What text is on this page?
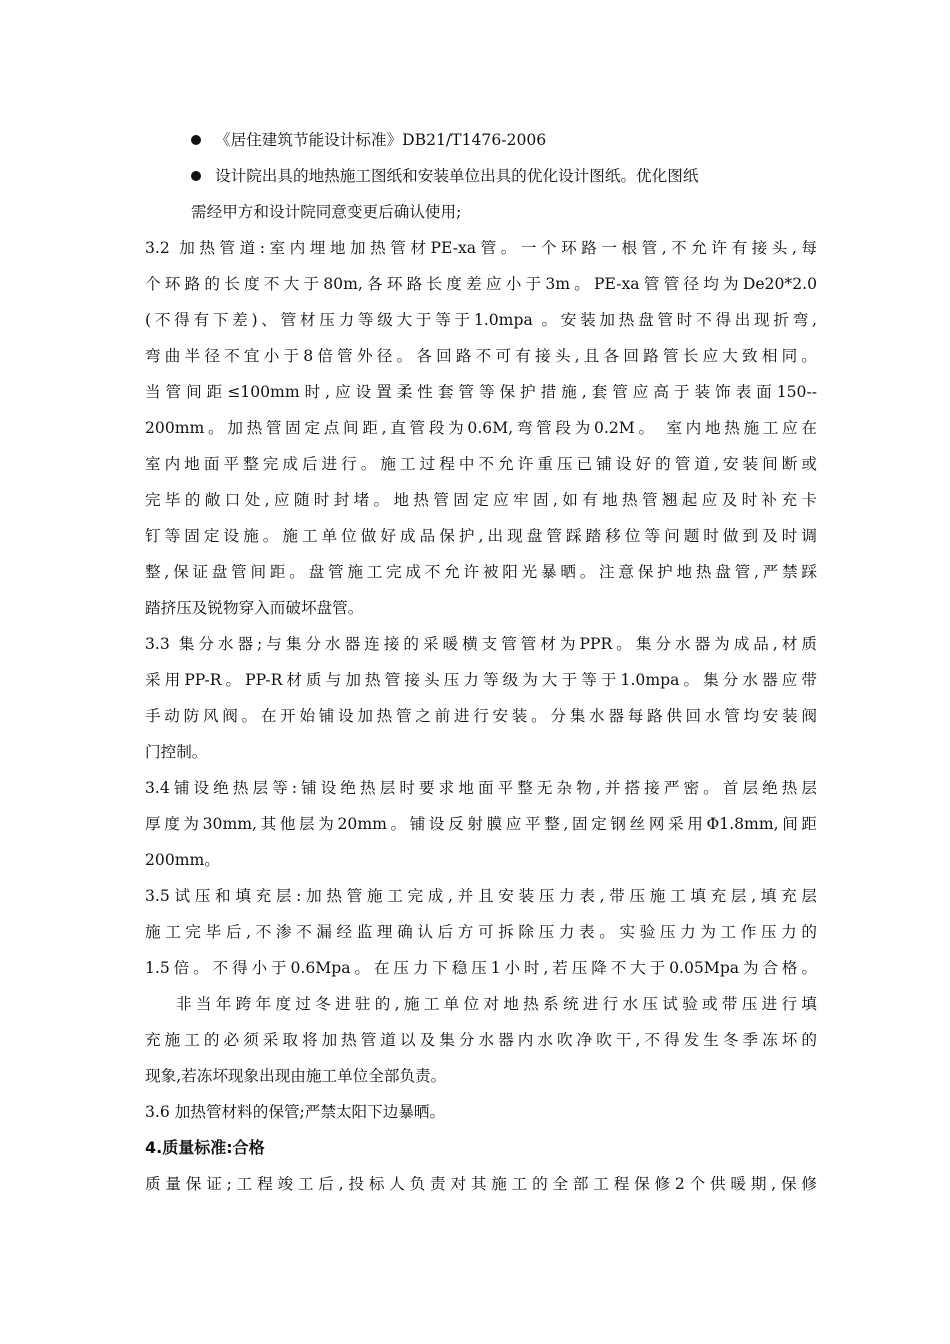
《居住建筑节能设计标准》DB21/T1476-2006
设计院出具的地热施工图纸和安装单位出具的优化设计图纸。优化图纸
需经甲方和设计院同意变更后确认使用;
3.2 加热管道:室内埋地加热管材PE-xa管。一个环路一根管,不允许有接头,每
个环路的长度不大于80m,各环路长度差应小于3m。PE-xa管管径均为De20*2.0
(不得有下差)、管材压力等级大于等于1.0mpa 。安装加热盘管时不得出现折弯,
弯曲半径不宜小于8倍管外径。各回路不可有接头,且各回路管长应大致相同。
当管间距≤100mm时,应设置柔性套管等保护措施,套管应高于装饰表面150--
200mm。加热管固定点间距,直管段为0.6M,弯管段为0.2M。 室内地热施工应在
室内地面平整完成后进行。施工过程中不允许重压已铺设好的管道,安装间断或
完毕的敞口处,应随时封堵。地热管固定应牢固,如有地热管翘起应及时补充卡
钉等固定设施。施工单位做好成品保护,出现盘管踩踏移位等问题时做到及时调
整,保证盘管间距。盘管施工完成不允许被阳光暴晒。注意保护地热盘管,严禁踩
踏挤压及锐物穿入而破坏盘管。
3.3 集分水器;与集分水器连接的采暖横支管管材为PPR。集分水器为成品,材质
采用PP-R。PP-R材质与加热管接头压力等级为大于等于1.0mpa。集分水器应带
手动防风阀。在开始铺设加热管之前进行安装。分集水器每路供回水管均安装阀
门控制。
3.4铺设绝热层等:铺设绝热层时要求地面平整无杂物,并搭接严密。首层绝热层
厚度为30mm,其他层为20mm。铺设反射膜应平整,固定钢丝网采用Φ1.8mm,间距
200mm。
3.5试压和填充层:加热管施工完成,并且安装压力表,带压施工填充层,填充层
施工完毕后,不渗不漏经监理确认后方可拆除压力表。实验压力为工作压力的
1.5倍。不得小于0.6Mpa。在压力下稳压1小时,若压降不大于0.05Mpa为合格。
非当年跨年度过冬进驻的,施工单位对地热系统进行水压试验或带压进行填
充施工的必须采取将加热管道以及集分水器内水吹净吹干,不得发生冬季冻坏的
现象,若冻坏现象出现由施工单位全部负责。
3.6 加热管材料的保管;严禁太阳下边暴晒。
4.质量标准:合格
质量保证;工程竣工后,投标人负责对其施工的全部工程保修2个供暖期,保修
